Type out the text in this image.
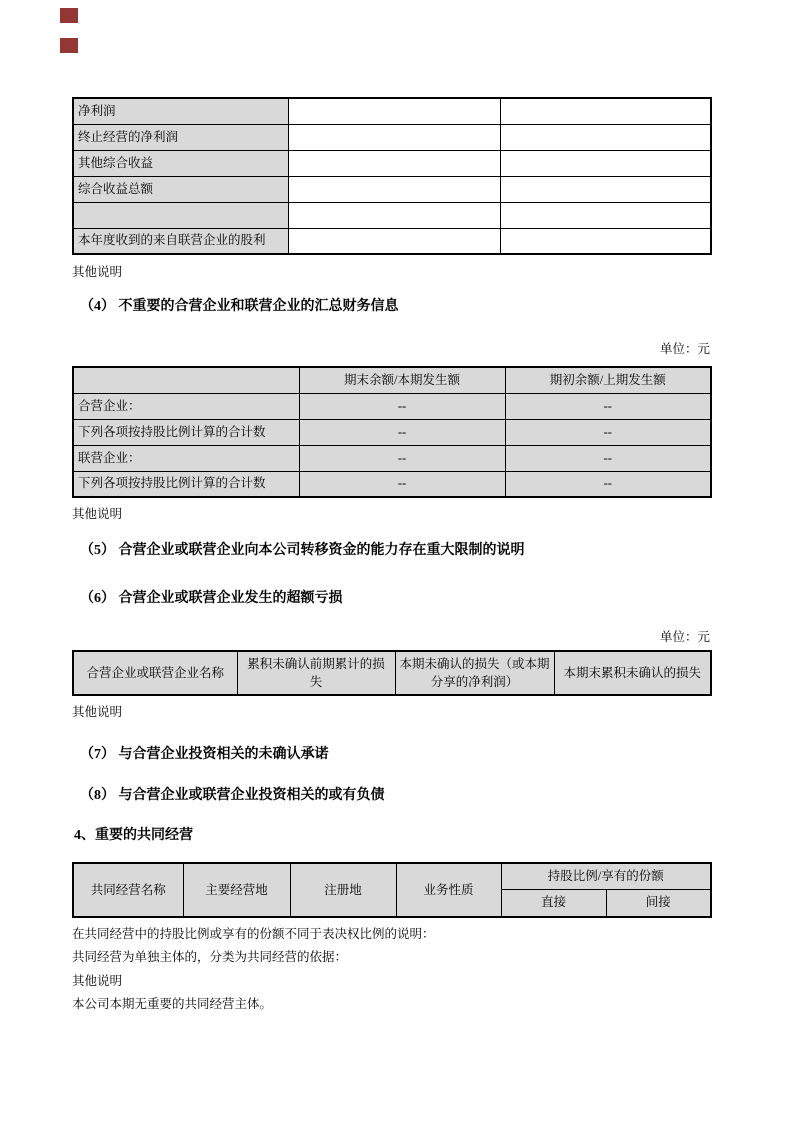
净利润		
终止经营的净利润		
其他综合收益		
综合收益总额		

本年度收到的来自联营企业的股利		
其他说明
（4） 不重要的合营企业和联营企业的汇总财务信息
单位：元
	期末余额/本期发生额	期初余额/上期发生额
合营企业：	--	--
下列各项按持股比例计算的合计数	--	--
联营企业：	--	--
下列各项按持股比例计算的合计数	--	--
其他说明
（5） 合营企业或联营企业向本公司转移资金的能力存在重大限制的说明
（6） 合营企业或联营企业发生的超额亏损
单位：元
合营企业或联营企业名称	累积未确认前期累计的损失	本期未确认的损失（或本期分享的净利润）	本期末累积未确认的损失
其他说明
（7） 与合营企业投资相关的未确认承诺
（8） 与合营企业或联营企业投资相关的或有负债
4、重要的共同经营
共同经营名称	主要经营地	注册地	业务性质	持股比例/享有的份额	
				直接	间接
在共同经营中的持股比例或享有的份额不同于表决权比例的说明：
共同经营为单独主体的，分类为共同经营的依据：
其他说明
本公司本期无重要的共同经营主体。
